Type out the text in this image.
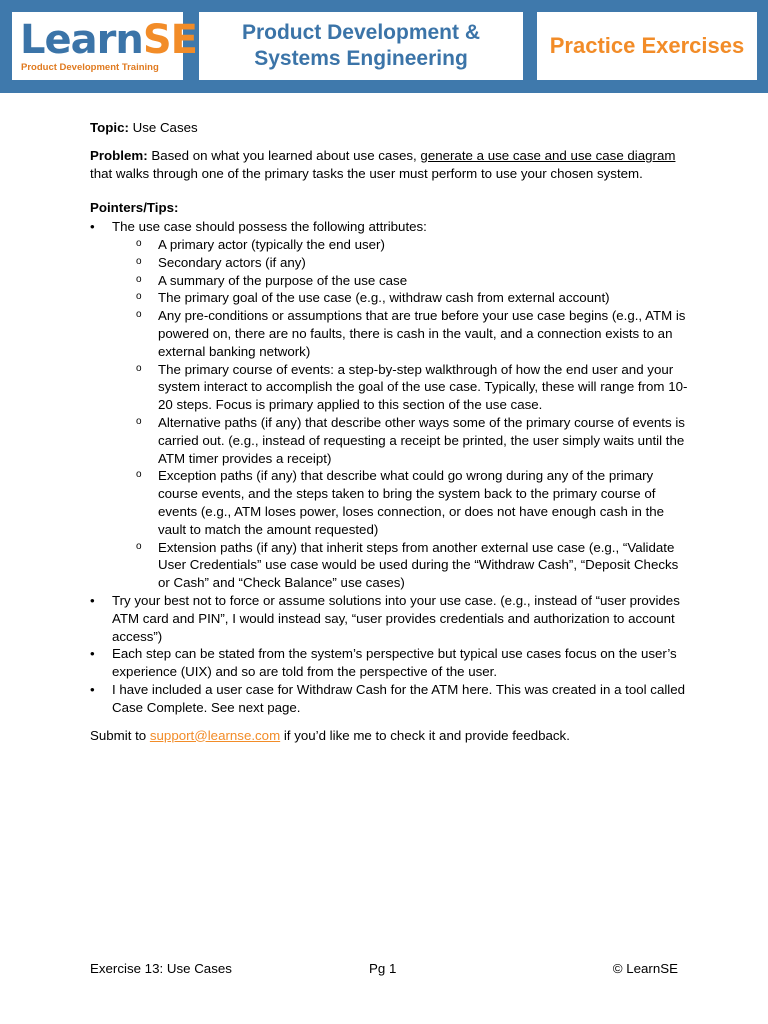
LearnSE
Product Development Training
Product Development &
Systems Engineering
Practice Exercises

Topic: Use Cases

Problem: Based on what you learned about use cases, generate a use case and use case diagram that walks through one of the primary tasks the user must perform to use your chosen system.

Pointers/Tips:

• The use case should possess the following attributes:
o A primary actor (typically the end user)
o Secondary actors (if any)
o A summary of the purpose of the use case
o The primary goal of the use case (e.g., withdraw cash from external account)
o Any pre-conditions or assumptions that are true before your use case begins (e.g., ATM is powered on, there are no faults, there is cash in the vault, and a connection exists to an external banking network)
o The primary course of events: a step-by-step walkthrough of how the end user and your system interact to accomplish the goal of the use case. Typically, these will range from 10-20 steps. Focus is primary applied to this section of the use case.
o Alternative paths (if any) that describe other ways some of the primary course of events is carried out. (e.g., instead of requesting a receipt be printed, the user simply waits until the ATM timer provides a receipt)
o Exception paths (if any) that describe what could go wrong during any of the primary course events, and the steps taken to bring the system back to the primary course of events (e.g., ATM loses power, loses connection, or does not have enough cash in the vault to match the amount requested)
o Extension paths (if any) that inherit steps from another external use case (e.g., “Validate User Credentials” use case would be used during the “Withdraw Cash”, “Deposit Checks or Cash” and “Check Balance” use cases)
• Try your best not to force or assume solutions into your use case. (e.g., instead of “user provides ATM card and PIN”, I would instead say, “user provides credentials and authorization to account access”)
• Each step can be stated from the system’s perspective but typical use cases focus on the user’s experience (UIX) and so are told from the perspective of the user.
• I have included a user case for Withdraw Cash for the ATM here. This was created in a tool called Case Complete. See next page.

Submit to support@learnse.com if you’d like me to check it and provide feedback.

Exercise 13: Use Cases	Pg 1	© LearnSE
